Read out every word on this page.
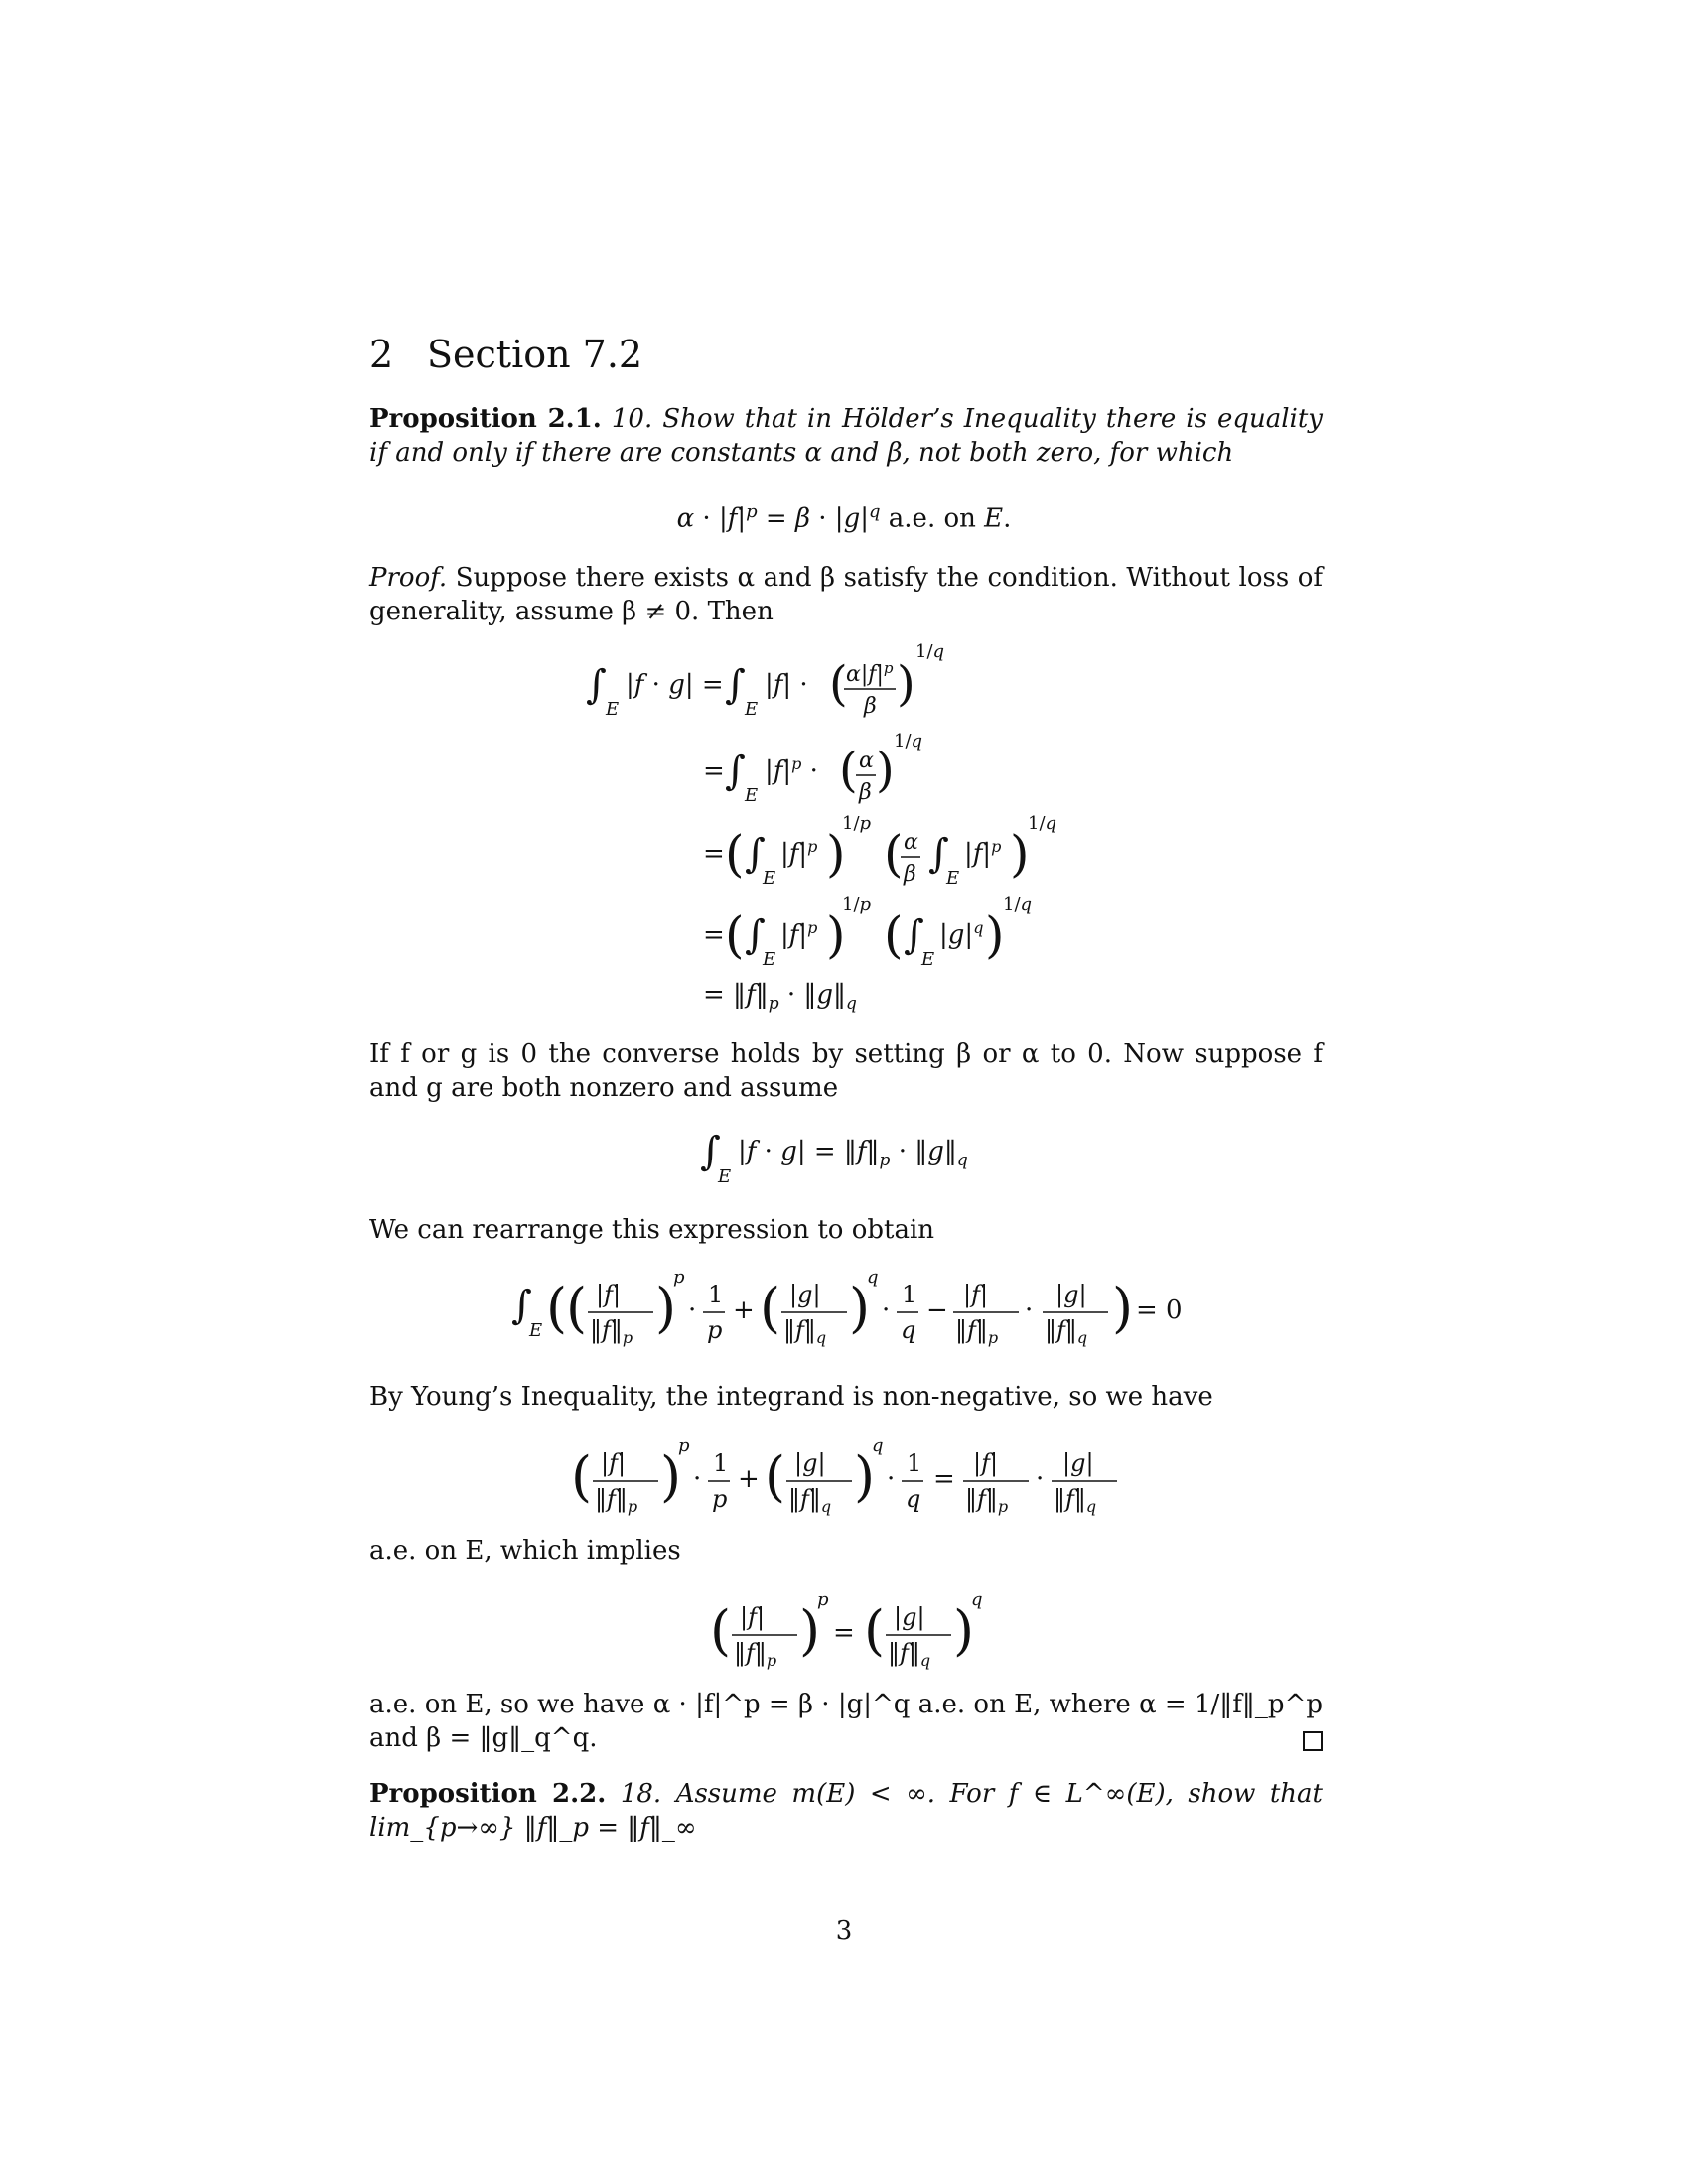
2 Section 7.2
Proposition 2.1. 10. Show that in Hölder’s Inequality there is equality if and only if there are constants α and β, not both zero, for which
$\alpha \cdot |f|^p = \beta \cdot |g|^q$ a.e. on E.
Proof. Suppose there exists α and β satisfy the condition. Without loss of generality, assume β ≠ 0. Then
∫
E
|f · g| = ∫
E
|f| · (
$\alpha|f|^p$
β )
1/q
= ∫
E
$|f|^p$ · ( α
β )
1/q
= ( ∫
E
$|f|^p$ )
1/p
( α
β ∫
E
$|f|^p$ )
1/q
= ( ∫
E
$|f|^p$ )
1/p
( ∫
E
$|g|^q$ )
1/q
= $‖f‖_p$ · $‖g‖_q$
If f or g is 0 the converse holds by setting β or α to 0. Now suppose f and g are both nonzero and assume
∫
E
$|f \cdot g| = ‖f‖_p$ · $‖g‖_q$
We can rearrange this expression to obtain
∫
E (
( |f|
$‖f‖_p$ )
p
·
1
p
+ ( |g|
$‖f‖_q$ )
q
·
1
q
−
|f|
$‖f‖_p$
·
|g|
$‖f‖_q$ ) = 0
By Young’s Inequality, the integrand is non-negative, so we have
( |f|
$‖f‖_p$ )
p
·
1
p
+ ( |g|
$‖f‖_q$ )
q
·
1
q
=
|f|
$‖f‖_p$
·
|g|
$‖f‖_q$
a.e. on E, which implies
( |f|
$‖f‖_p$ )
p
= ( |g|
$‖f‖_q$ )
q
a.e. on E, so we have α · |f|^p = β · |g|^q a.e. on E, where α = 1/‖f‖_p^p and β = ‖g‖_q^q.
Proposition 2.2. 18. Assume m(E) < ∞. For f ∈ L^∞(E), show that lim_{p→∞} ‖f‖_p = ‖f‖_∞
3
